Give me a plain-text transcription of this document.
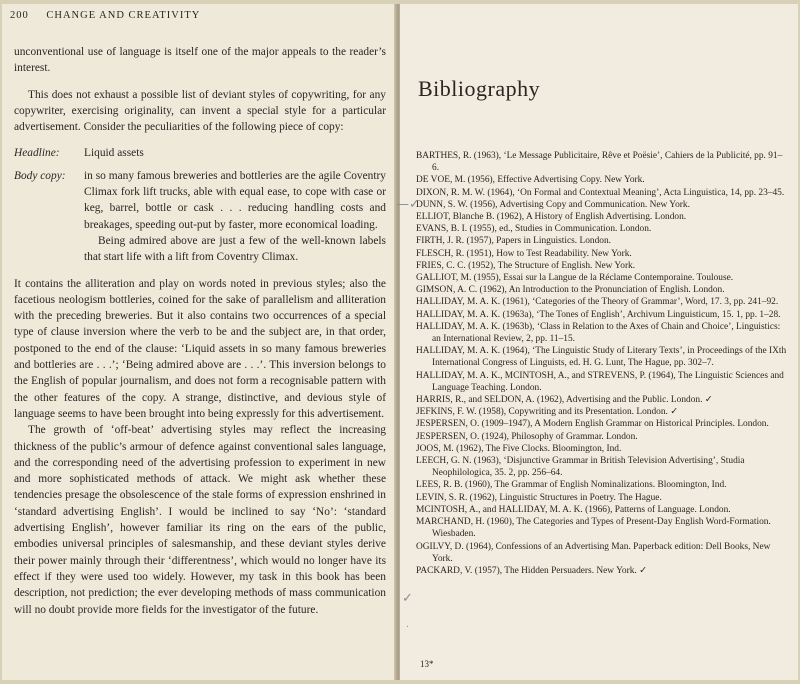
200 CHANGE AND CREATIVITY

unconventional use of language is itself one of the major appeals to the reader’s interest.

This does not exhaust a possible list of deviant styles of copywriting, for any copywriter, exercising originality, can invent a special style for a particular advertisement. Consider the peculiarities of the following piece of copy:

Headline:	Liquid assets
Body copy:	in so many famous breweries and bottleries are the agile Coventry Climax fork lift trucks, able with equal ease, to cope with case or keg, barrel, bottle or cask . . . reducing handling costs and breakages, speeding out-put by faster, more economical loading.
Being admired above are just a few of the well-known labels that start life with a lift from Coventry Climax.

It contains the alliteration and play on words noted in previous styles; also the facetious neologism bottleries, coined for the sake of parallelism and alliteration with the preceding breweries. But it also contains two occurrences of a special type of clause inversion where the verb to be and the subject are, in that order, postponed to the end of the clause: ‘Liquid assets in so many famous breweries and bottleries are . . .’; ‘Being admired above are . . .’. This inversion belongs to the English of popular journalism, and does not form a recognisable pattern with the other features of the copy. A strange, distinctive, and devious style of language seems to have been brought into being expressly for this advertisement.

The growth of ‘off-beat’ advertising styles may reflect the increasing thickness of the public’s armour of defence against conventional sales language, and the corresponding need of the advertising profession to experiment in new and more sophisticated methods of attack. We might ask whether these tendencies presage the obsolescence of the stale forms of expression enshrined in ‘standard advertising English’. I would be inclined to say ‘No’: ‘standard advertising English’, however familiar its ring on the ears of the public, embodies universal principles of salesmanship, and these deviant styles derive their power mainly through their ‘differentness’, which would no longer have its effect if they were used too widely. However, my task in this book has been description, not prediction; the ever developing methods of mass communication will no doubt provide more fields for the investigator of the future.

Bibliography

BARTHES, R. (1963), ‘Le Message Publicitaire, Rêve et Poësie’, Cahiers de la Publicité, pp. 91–6.

DE VOE, M. (1956), Effective Advertising Copy. New York.

DIXON, R. M. W. (1964), ‘On Formal and Contextual Meaning’, Acta Linguistica, 14, pp. 23–45.

DUNN, S. W. (1956), Advertising Copy and Communication. New York.

ELLIOT, Blanche B. (1962), A History of English Advertising. London.

EVANS, B. I. (1955), ed., Studies in Communication. London.

FIRTH, J. R. (1957), Papers in Linguistics. London.

FLESCH, R. (1951), How to Test Readability. New York.

FRIES, C. C. (1952), The Structure of English. New York.

GALLIOT, M. (1955), Essai sur la Langue de la Réclame Contemporaine. Toulouse.

GIMSON, A. C. (1962), An Introduction to the Pronunciation of English. London.

HALLIDAY, M. A. K. (1961), ‘Categories of the Theory of Grammar’, Word, 17. 3, pp. 241–92.

HALLIDAY, M. A. K. (1963a), ‘The Tones of English’, Archivum Linguisticum, 15. 1, pp. 1–28.

HALLIDAY, M. A. K. (1963b), ‘Class in Relation to the Axes of Chain and Choice’, Linguistics: an International Review, 2, pp. 11–15.

HALLIDAY, M. A. K. (1964), ‘The Linguistic Study of Literary Texts’, in Proceedings of the IXth International Congress of Linguists, ed. H. G. Lunt, The Hague, pp. 302–7.

HALLIDAY, M. A. K., MCINTOSH, A., and STREVENS, P. (1964), The Linguistic Sciences and Language Teaching. London.

HARRIS, R., and SELDON, A. (1962), Advertising and the Public. London. ✓

JEFKINS, F. W. (1958), Copywriting and its Presentation. London. ✓

JESPERSEN, O. (1909–1947), A Modern English Grammar on Historical Principles. London.

JESPERSEN, O. (1924), Philosophy of Grammar. London.

JOOS, M. (1962), The Five Clocks. Bloomington, Ind.

LEECH, G. N. (1963), ‘Disjunctive Grammar in British Television Advertising’, Studia Neophilologica, 35. 2, pp. 256–64.

LEES, R. B. (1960), The Grammar of English Nominalizations. Bloomington, Ind.

LEVIN, S. R. (1962), Linguistic Structures in Poetry. The Hague.

MCINTOSH, A., and HALLIDAY, M. A. K. (1966), Patterns of Language. London.

MARCHAND, H. (1960), The Categories and Types of Present-Day English Word-Formation. Wiesbaden.

OGILVY, D. (1964), Confessions of an Advertising Man. Paperback edition: Dell Books, New York.

PACKARD, V. (1957), The Hidden Persuaders. New York. ✓

—✓
✓
·
13*
